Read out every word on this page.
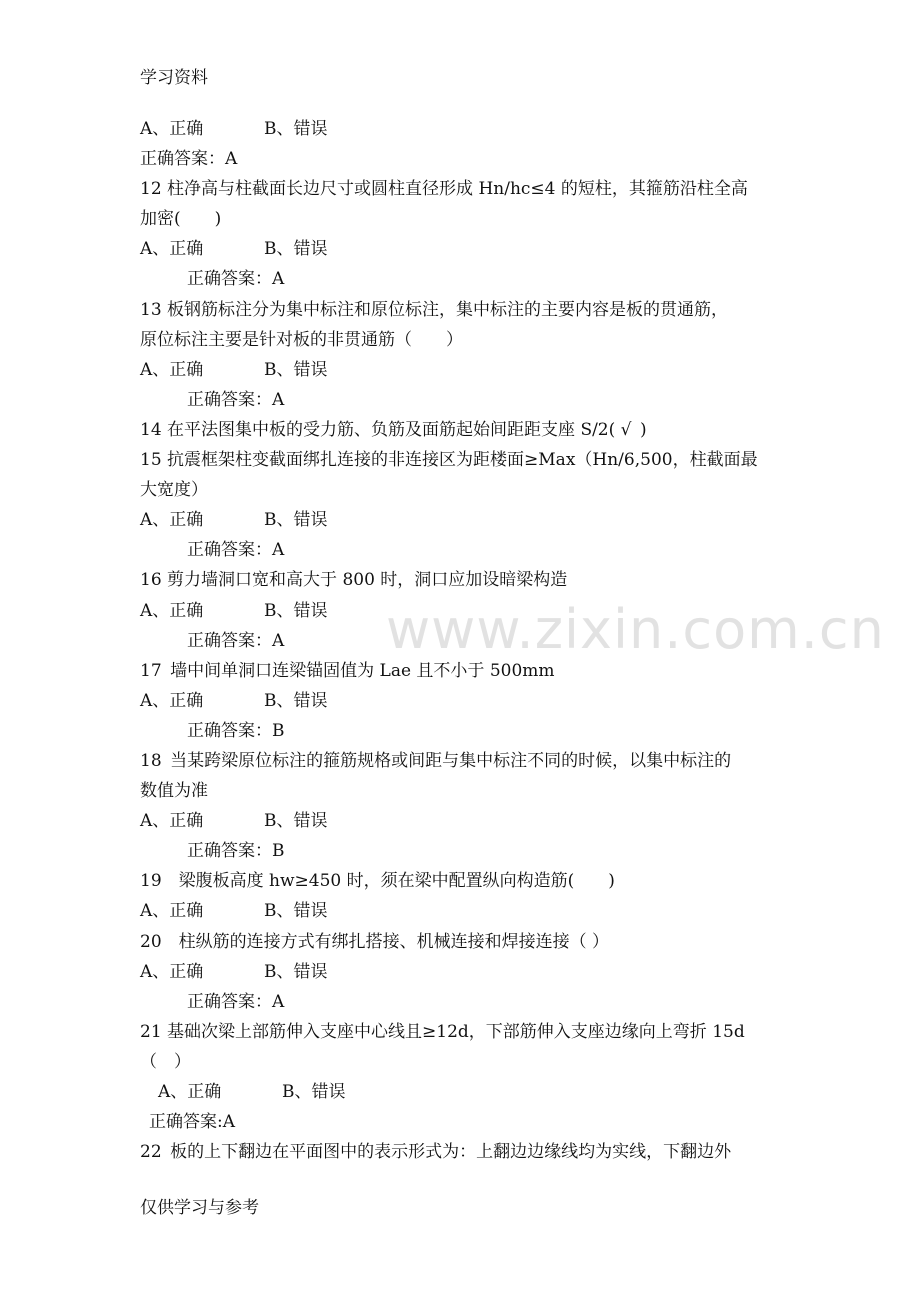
学习资料
www.zixin.com.cn
A、正确	B、错误
正确答案：A
12 柱净高与柱截面长边尺寸或圆柱直径形成 Hn/hc≤4 的短柱，其箍筋沿柱全高
加密(　　)
A、正确	B、错误
正确答案：A
13 板钢筋标注分为集中标注和原位标注，集中标注的主要内容是板的贯通筋，
原位标注主要是针对板的非贯通筋（　　）
A、正确	B、错误
正确答案：A
14 在平法图集中板的受力筋、负筋及面筋起始间距距支座 S/2( √ )
15 抗震框架柱变截面绑扎连接的非连接区为距楼面≥Max（Hn/6,500，柱截面最
大宽度）
A、正确	B、错误
正确答案：A
16 剪力墙洞口宽和高大于 800 时，洞口应加设暗梁构造
A、正确	B、错误
正确答案：A
17 墙中间单洞口连梁锚固值为 Lae 且不小于 500mm
A、正确	B、错误
正确答案：B
18 当某跨梁原位标注的箍筋规格或间距与集中标注不同的时候，以集中标注的
数值为准
A、正确	B、错误
正确答案：B
19　梁腹板高度 hw≥450 时，须在梁中配置纵向构造筋(　　)
A、正确	B、错误
20　柱纵筋的连接方式有绑扎搭接、机械连接和焊接连接（ ）
A、正确	B、错误
正确答案：A
21 基础次梁上部筋伸入支座中心线且≥12d，下部筋伸入支座边缘向上弯折 15d
（　）
A、正确	B、错误
正确答案:A
22 板的上下翻边在平面图中的表示形式为：上翻边边缘线均为实线，下翻边外
仅供学习与参考
